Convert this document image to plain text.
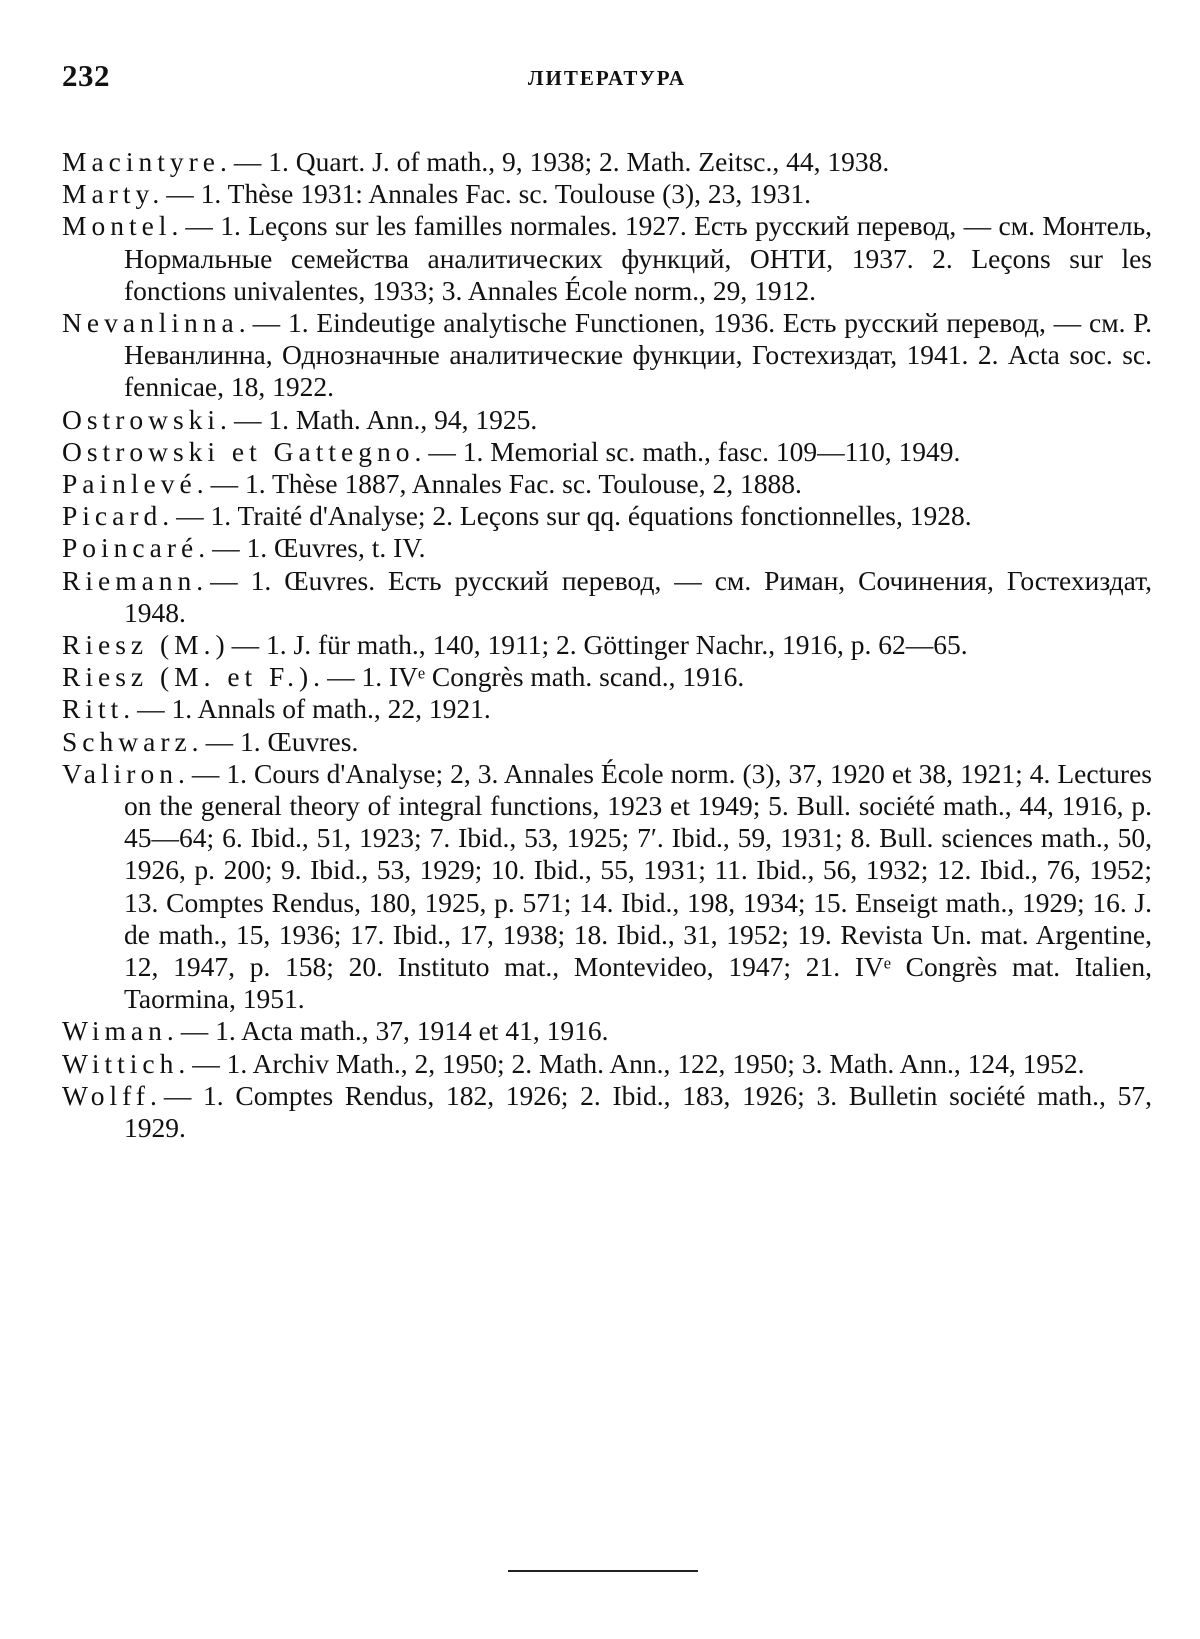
232	ЛИТЕРАТУРА

Macintyre.— 1. Quart. J. of math., 9, 1938; 2. Math. Zeitsc., 44, 1938.

Marty.— 1. Thèse 1931: Annales Fac. sc. Toulouse (3), 23, 1931.

Montel.— 1. Leçons sur les familles normales. 1927. Есть русский перевод, — см. Монтель, Нормальные семейства аналитических функций, ОНТИ, 1937. 2. Leçons sur les fonctions univalentes, 1933; 3. Annales École norm., 29, 1912.

Nevanlinna.— 1. Eindeutige analytische Functionen, 1936. Есть русский перевод, — см. Р. Неванлинна, Однозначные аналитические функции, Гостехиздат, 1941. 2. Acta soc. sc. fennicae, 18, 1922.

Ostrowski.— 1. Math. Ann., 94, 1925.

Ostrowski et Gattegno.— 1. Memorial sc. math., fasc. 109—110, 1949.

Painlevé.— 1. Thèse 1887, Annales Fac. sc. Toulouse, 2, 1888.

Picard.— 1. Traité d'Analyse; 2. Leçons sur qq. équations fonctionnelles, 1928.

Poincaré.— 1. Œuvres, t. IV.

Riemann.— 1. Œuvres. Есть русский перевод, — см. Риман, Сочинения, Гостехиздат, 1948.

Riesz (M.)— 1. J. für math., 140, 1911; 2. Göttinger Nachr., 1916, p. 62—65.

Riesz (M. et F.).— 1. IVᵉ Congrès math. scand., 1916.

Ritt.— 1. Annals of math., 22, 1921.

Schwarz.— 1. Œuvres.

Valiron.— 1. Cours d'Analyse; 2, 3. Annales École norm. (3), 37, 1920 et 38, 1921; 4. Lectures on the general theory of integral functions, 1923 et 1949; 5. Bull. société math., 44, 1916, p. 45—64; 6. Ibid., 51, 1923; 7. Ibid., 53, 1925; 7′. Ibid., 59, 1931; 8. Bull. sciences math., 50, 1926, p. 200; 9. Ibid., 53, 1929; 10. Ibid., 55, 1931; 11. Ibid., 56, 1932; 12. Ibid., 76, 1952; 13. Comptes Rendus, 180, 1925, p. 571; 14. Ibid., 198, 1934; 15. Enseigt math., 1929; 16. J. de math., 15, 1936; 17. Ibid., 17, 1938; 18. Ibid., 31, 1952; 19. Revista Un. mat. Argentine, 12, 1947, p. 158; 20. Instituto mat., Montevideo, 1947; 21. IVᵉ Congrès mat. Italien, Taormina, 1951.

Wiman.— 1. Acta math., 37, 1914 et 41, 1916.

Wittich.— 1. Archiv Math., 2, 1950; 2. Math. Ann., 122, 1950; 3. Math. Ann., 124, 1952.

Wolff.— 1. Comptes Rendus, 182, 1926; 2. Ibid., 183, 1926; 3. Bulletin société math., 57, 1929.
